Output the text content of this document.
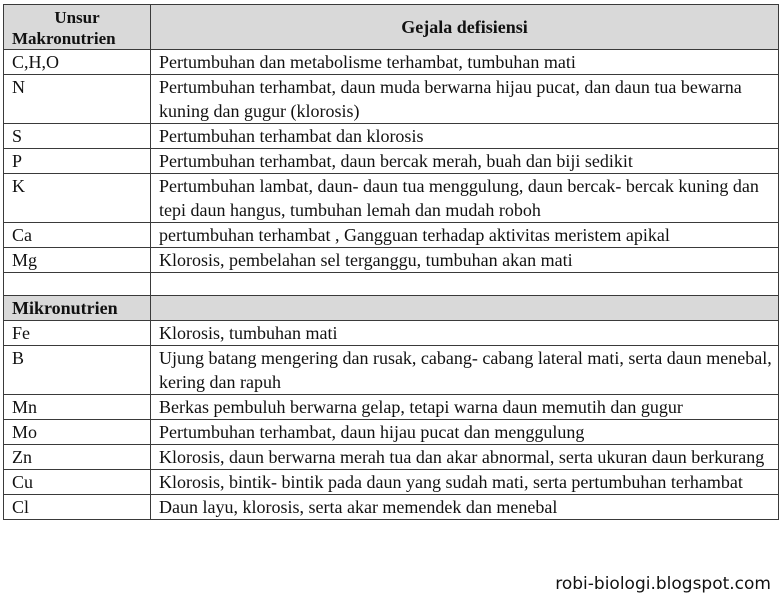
Unsur
Makronutrien	Gejala defisiensi
C,H,O	Pertumbuhan dan metabolisme terhambat, tumbuhan mati
N	Pertumbuhan terhambat, daun muda berwarna hijau pucat, dan daun tua bewarna kuning dan gugur (klorosis)
S	Pertumbuhan terhambat dan klorosis
P	Pertumbuhan terhambat, daun bercak merah, buah dan biji sedikit
K	Pertumbuhan lambat, daun- daun tua menggulung, daun bercak- bercak kuning dan tepi daun hangus, tumbuhan lemah dan mudah roboh
Ca	pertumbuhan terhambat , Gangguan terhadap aktivitas meristem apikal
Mg	Klorosis, pembelahan sel terganggu, tumbuhan akan mati

Mikronutrien	
Fe	Klorosis, tumbuhan mati
B	Ujung batang mengering dan rusak, cabang- cabang lateral mati, serta daun menebal, kering dan rapuh
Mn	Berkas pembuluh berwarna gelap, tetapi warna daun memutih dan gugur
Mo	Pertumbuhan terhambat, daun hijau pucat dan menggulung
Zn	Klorosis, daun berwarna merah tua dan akar abnormal, serta ukuran daun berkurang
Cu	Klorosis, bintik- bintik pada daun yang sudah mati, serta pertumbuhan terhambat
Cl	Daun layu, klorosis, serta akar memendek dan menebal
robi-biologi.blogspot.com
